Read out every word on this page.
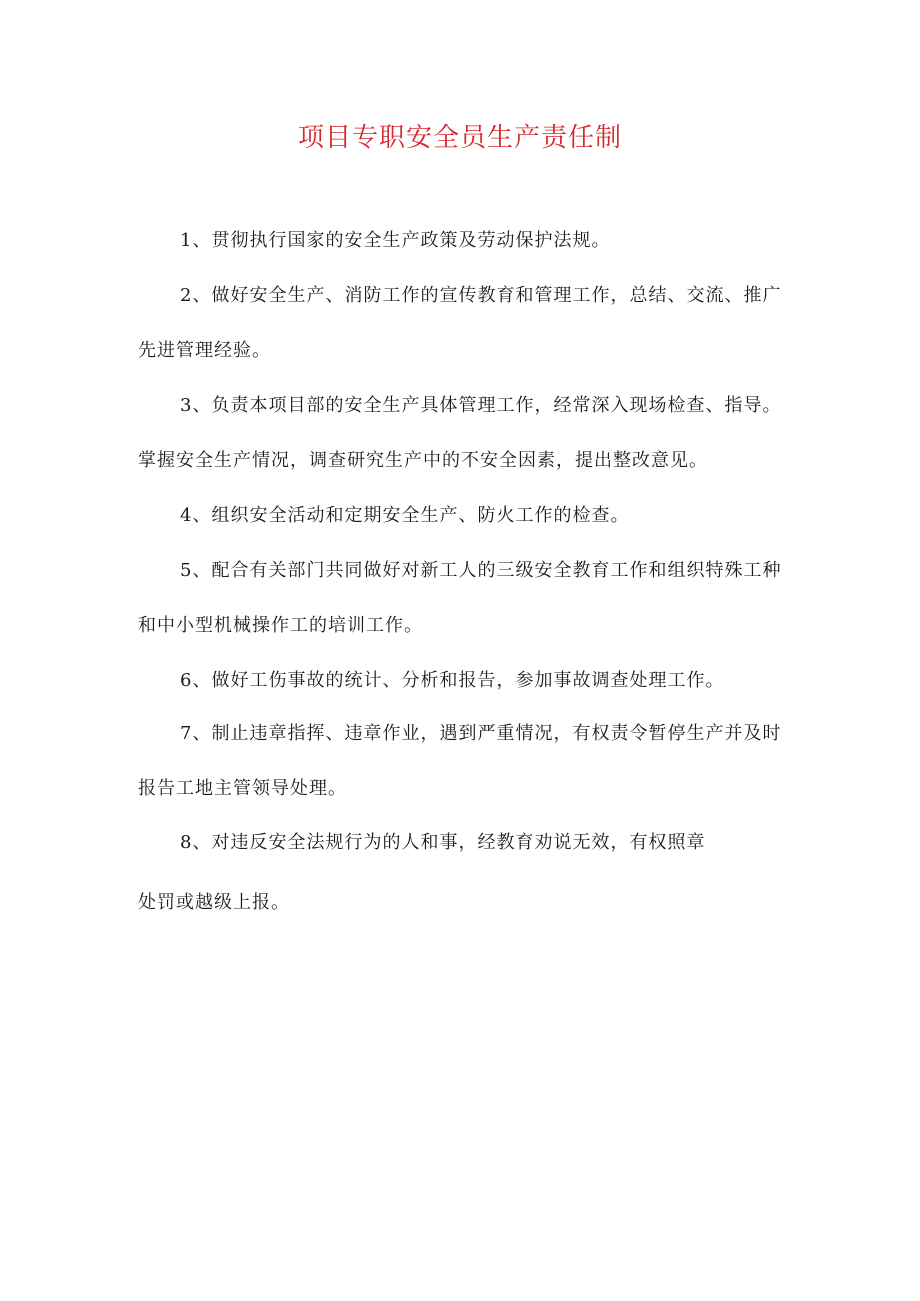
项目专职安全员生产责任制

1、贯彻执行国家的安全生产政策及劳动保护法规。

2、做好安全生产、消防工作的宣传教育和管理工作，总结、交流、推广先进管理经验。

3、负责本项目部的安全生产具体管理工作，经常深入现场检查、指导。掌握安全生产情况，调查研究生产中的不安全因素，提出整改意见。

4、组织安全活动和定期安全生产、防火工作的检查。

5、配合有关部门共同做好对新工人的三级安全教育工作和组织特殊工种和中小型机械操作工的培训工作。

6、做好工伤事故的统计、分析和报告，参加事故调查处理工作。

7、制止违章指挥、违章作业，遇到严重情况，有权责令暂停生产并及时报告工地主管领导处理。

8、对违反安全法规行为的人和事，经教育劝说无效，有权照章

处罚或越级上报。
